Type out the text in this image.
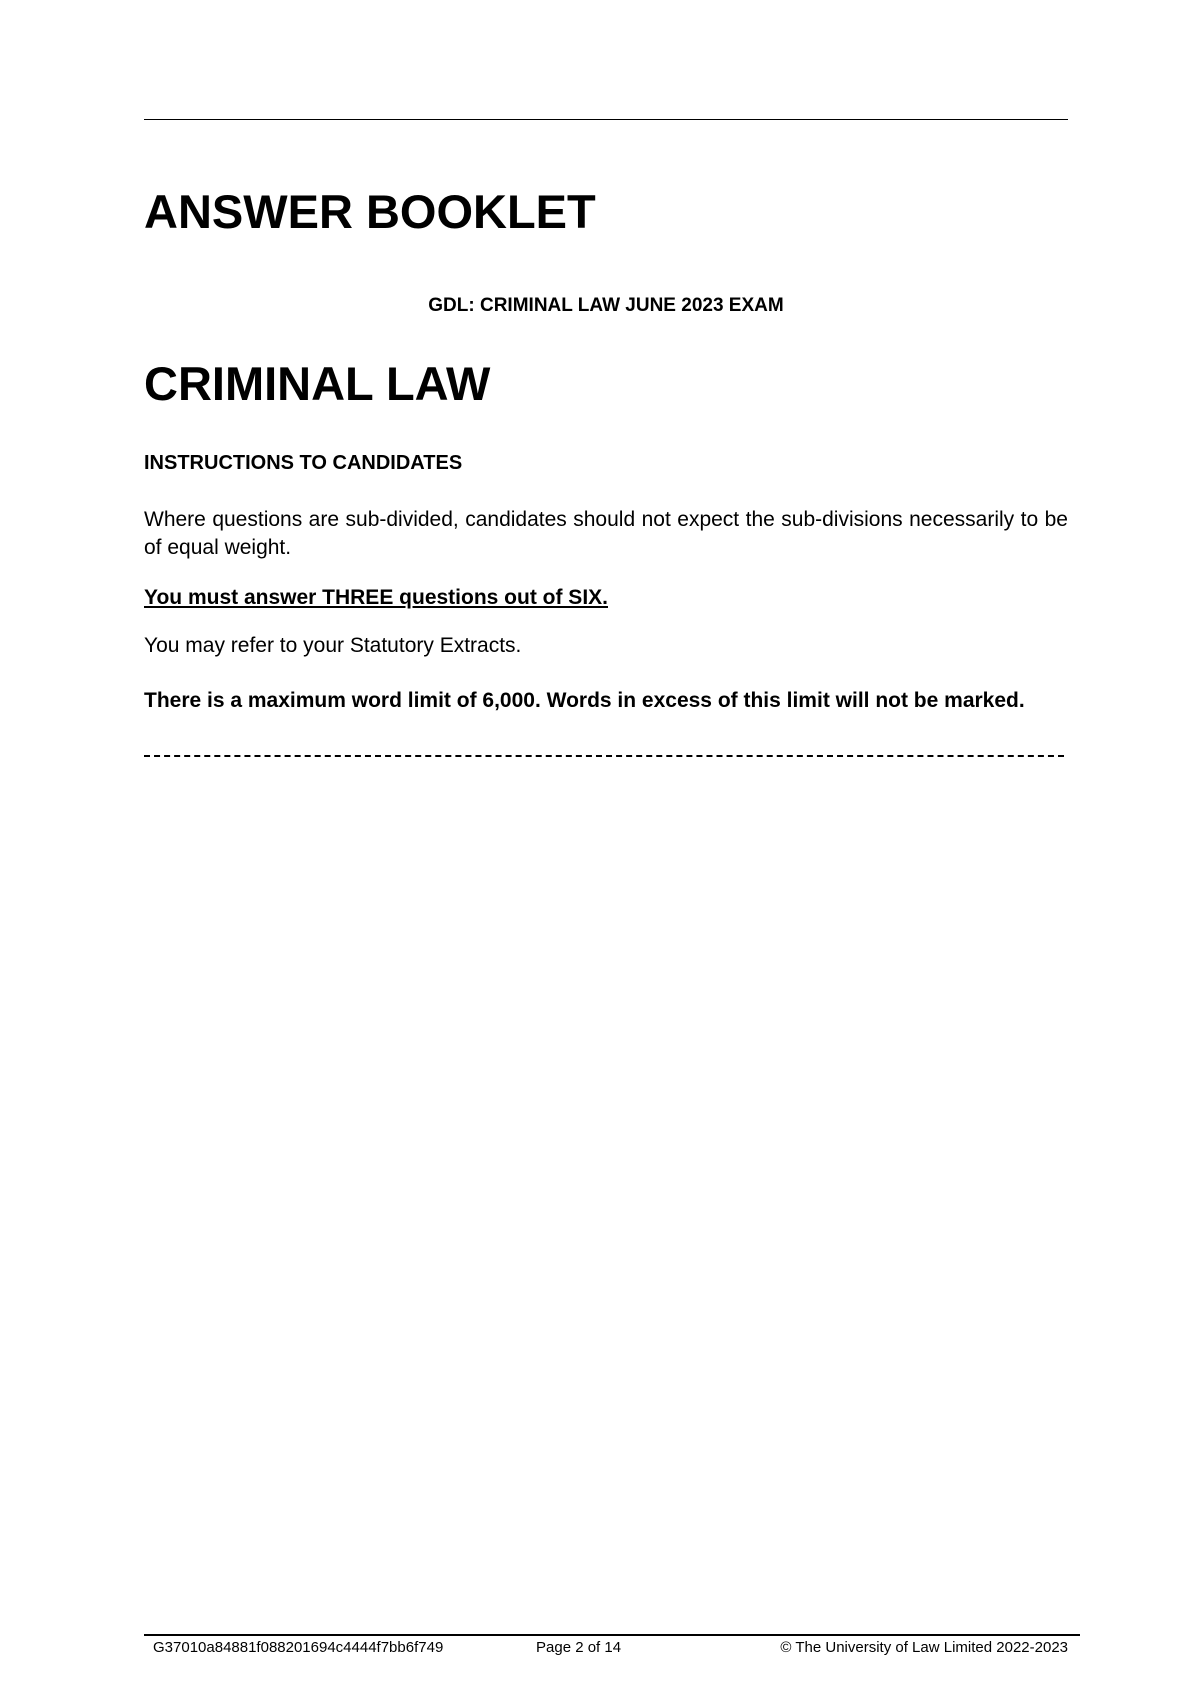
ANSWER BOOKLET
GDL: CRIMINAL LAW JUNE 2023 EXAM
CRIMINAL LAW
INSTRUCTIONS TO CANDIDATES

Where questions are sub-divided, candidates should not expect the sub-divisions necessarily to be of equal weight.

You must answer THREE questions out of SIX.

You may refer to your Statutory Extracts.

There is a maximum word limit of 6,000. Words in excess of this limit will not be marked.

G37010a84881f088201694c4444f7bb6f749	Page 2 of 14	© The University of Law Limited 2022-2023
